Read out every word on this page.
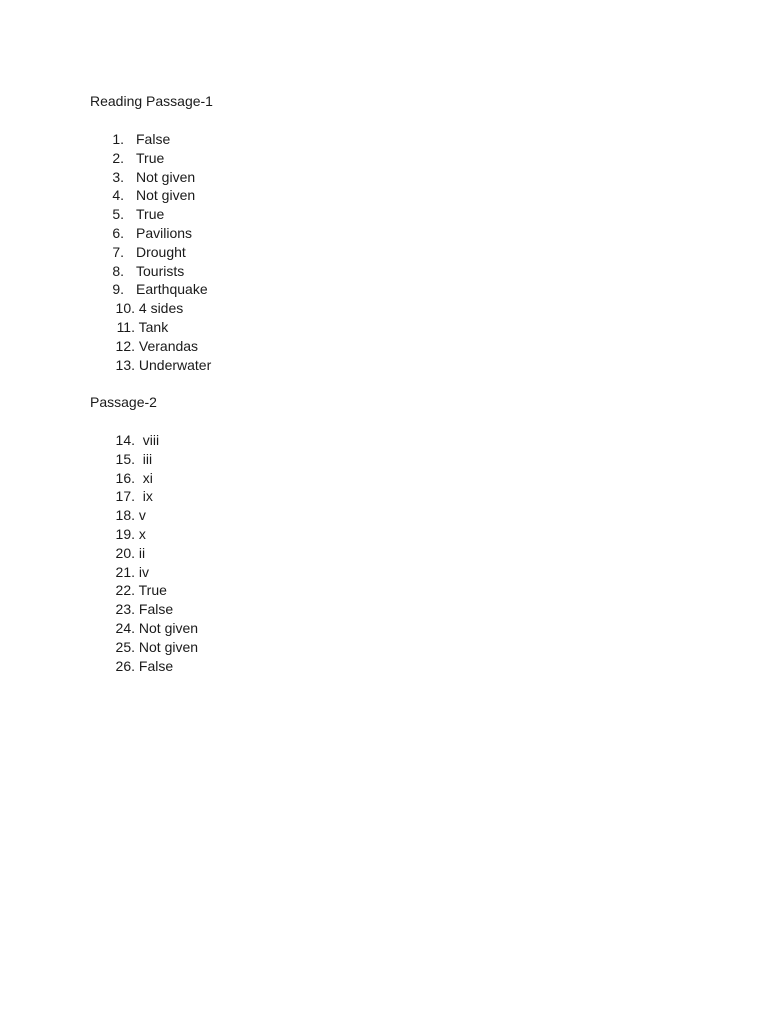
Reading Passage-1
1. False
2. True
3. Not given
4. Not given
5. True
6. Pavilions
7. Drought
8. Tourists
9. Earthquake
10. 4 sides
11. Tank
12. Verandas
13. Underwater
Passage-2
14. viii
15. iii
16. xi
17. ix
18. v
19. x
20. ii
21. iv
22. True
23. False
24. Not given
25. Not given
26. False
